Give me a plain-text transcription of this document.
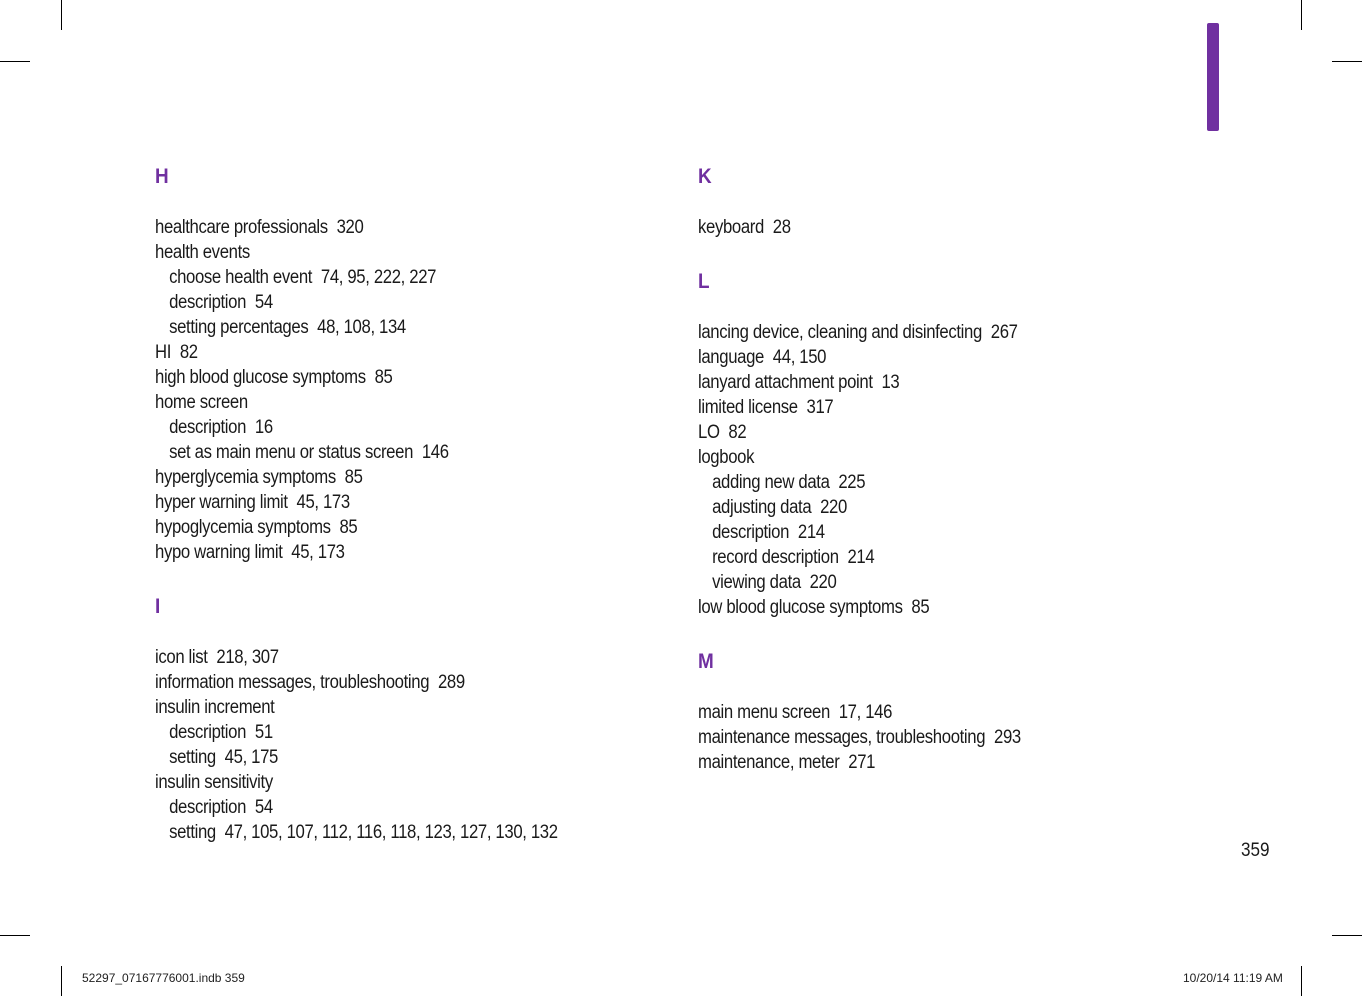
H
healthcare professionals 320
health events
choose health event 74, 95, 222, 227
description 54
setting percentages 48, 108, 134
HI 82
high blood glucose symptoms 85
home screen
description 16
set as main menu or status screen 146
hyperglycemia symptoms 85
hyper warning limit 45, 173
hypoglycemia symptoms 85
hypo warning limit 45, 173
I
icon list 218, 307
information messages, troubleshooting 289
insulin increment
description 51
setting 45, 175
insulin sensitivity
description 54
setting 47, 105, 107, 112, 116, 118, 123, 127, 130, 132
K
keyboard 28
L
lancing device, cleaning and disinfecting 267
language 44, 150
lanyard attachment point 13
limited license 317
LO 82
logbook
adding new data 225
adjusting data 220
description 214
record description 214
viewing data 220
low blood glucose symptoms 85
M
main menu screen 17, 146
maintenance messages, troubleshooting 293
maintenance, meter 271
359
52297_07167776001.indb 359	10/20/14 11:19 AM
